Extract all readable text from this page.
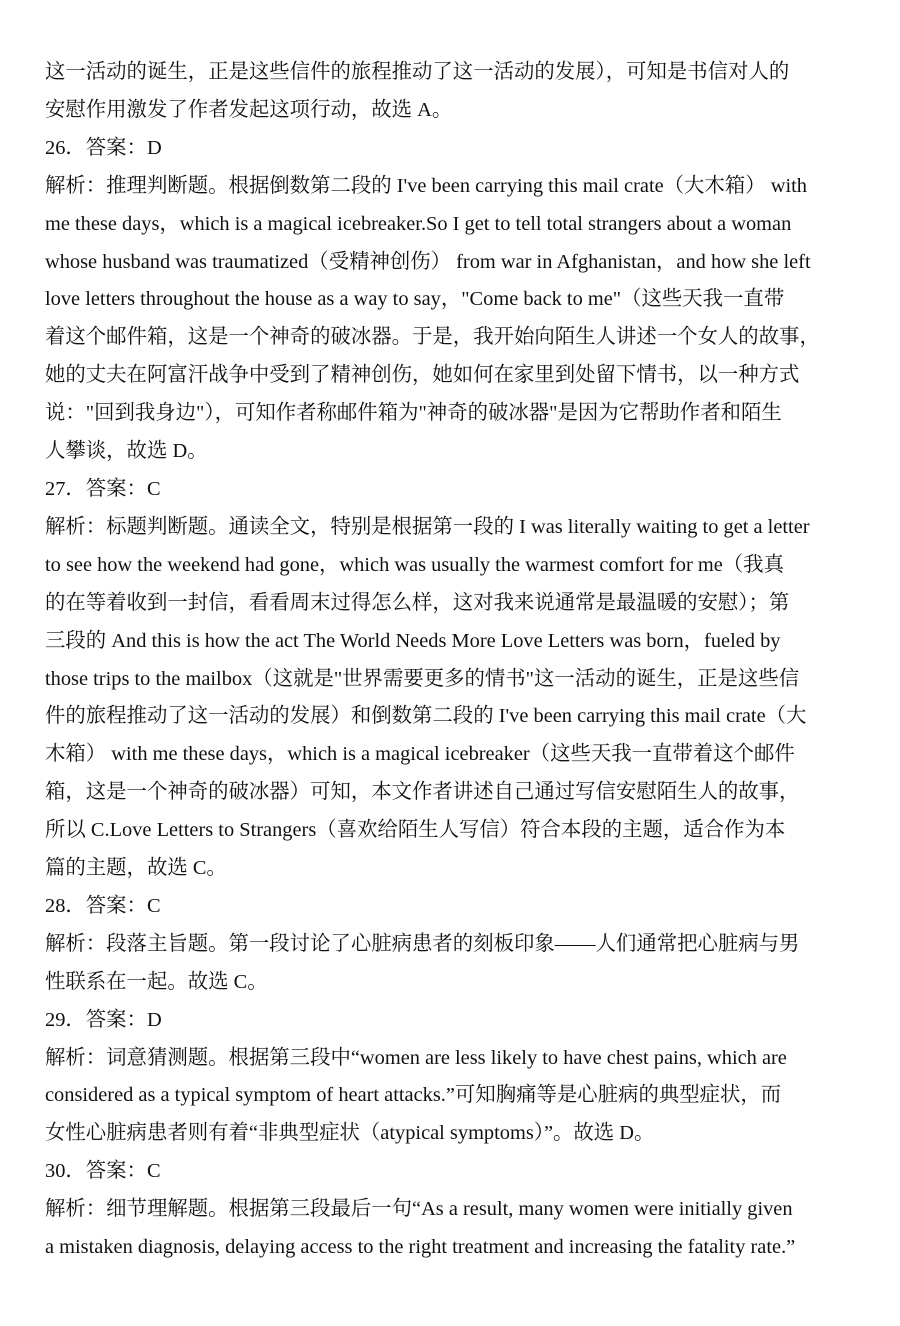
这一活动的诞生，正是这些信件的旅程推动了这一活动的发展），可知是书信对人的
安慰作用激发了作者发起这项行动，故选 A。
26．答案：D
解析：推理判断题。根据倒数第二段的 I've been carrying this mail crate（大木箱） with
me these days，which is a magical icebreaker.So I get to tell total strangers about a woman
whose husband was traumatized（受精神创伤） from war in Afghanistan，and how she left
love letters throughout the house as a way to say，"Come back to me"（这些天我一直带
着这个邮件箱，这是一个神奇的破冰器。于是，我开始向陌生人讲述一个女人的故事，
她的丈夫在阿富汗战争中受到了精神创伤，她如何在家里到处留下情书，以一种方式
说："回到我身边"），可知作者称邮件箱为"神奇的破冰器"是因为它帮助作者和陌生
人攀谈，故选 D。
27．答案：C
解析：标题判断题。通读全文，特别是根据第一段的 I was literally waiting to get a letter
to see how the weekend had gone，which was usually the warmest comfort for me（我真
的在等着收到一封信，看看周末过得怎么样，这对我来说通常是最温暖的安慰）；第
三段的 And this is how the act The World Needs More Love Letters was born，fueled by
those trips to the mailbox（这就是"世界需要更多的情书"这一活动的诞生，正是这些信
件的旅程推动了这一活动的发展）和倒数第二段的 I've been carrying this mail crate（大
木箱） with me these days，which is a magical icebreaker（这些天我一直带着这个邮件
箱，这是一个神奇的破冰器）可知，本文作者讲述自己通过写信安慰陌生人的故事，
所以 C.Love Letters to Strangers（喜欢给陌生人写信）符合本段的主题，适合作为本
篇的主题，故选 C。
28．答案：C
解析：段落主旨题。第一段讨论了心脏病患者的刻板印象——人们通常把心脏病与男
性联系在一起。故选 C。
29．答案：D
解析：词意猜测题。根据第三段中“women are less likely to have chest pains, which are
considered as a typical symptom of heart attacks.”可知胸痛等是心脏病的典型症状，而
女性心脏病患者则有着“非典型症状（atypical symptoms）”。故选 D。
30．答案：C
解析：细节理解题。根据第三段最后一句“As a result, many women were initially given
a mistaken diagnosis, delaying access to the right treatment and increasing the fatality rate.”
